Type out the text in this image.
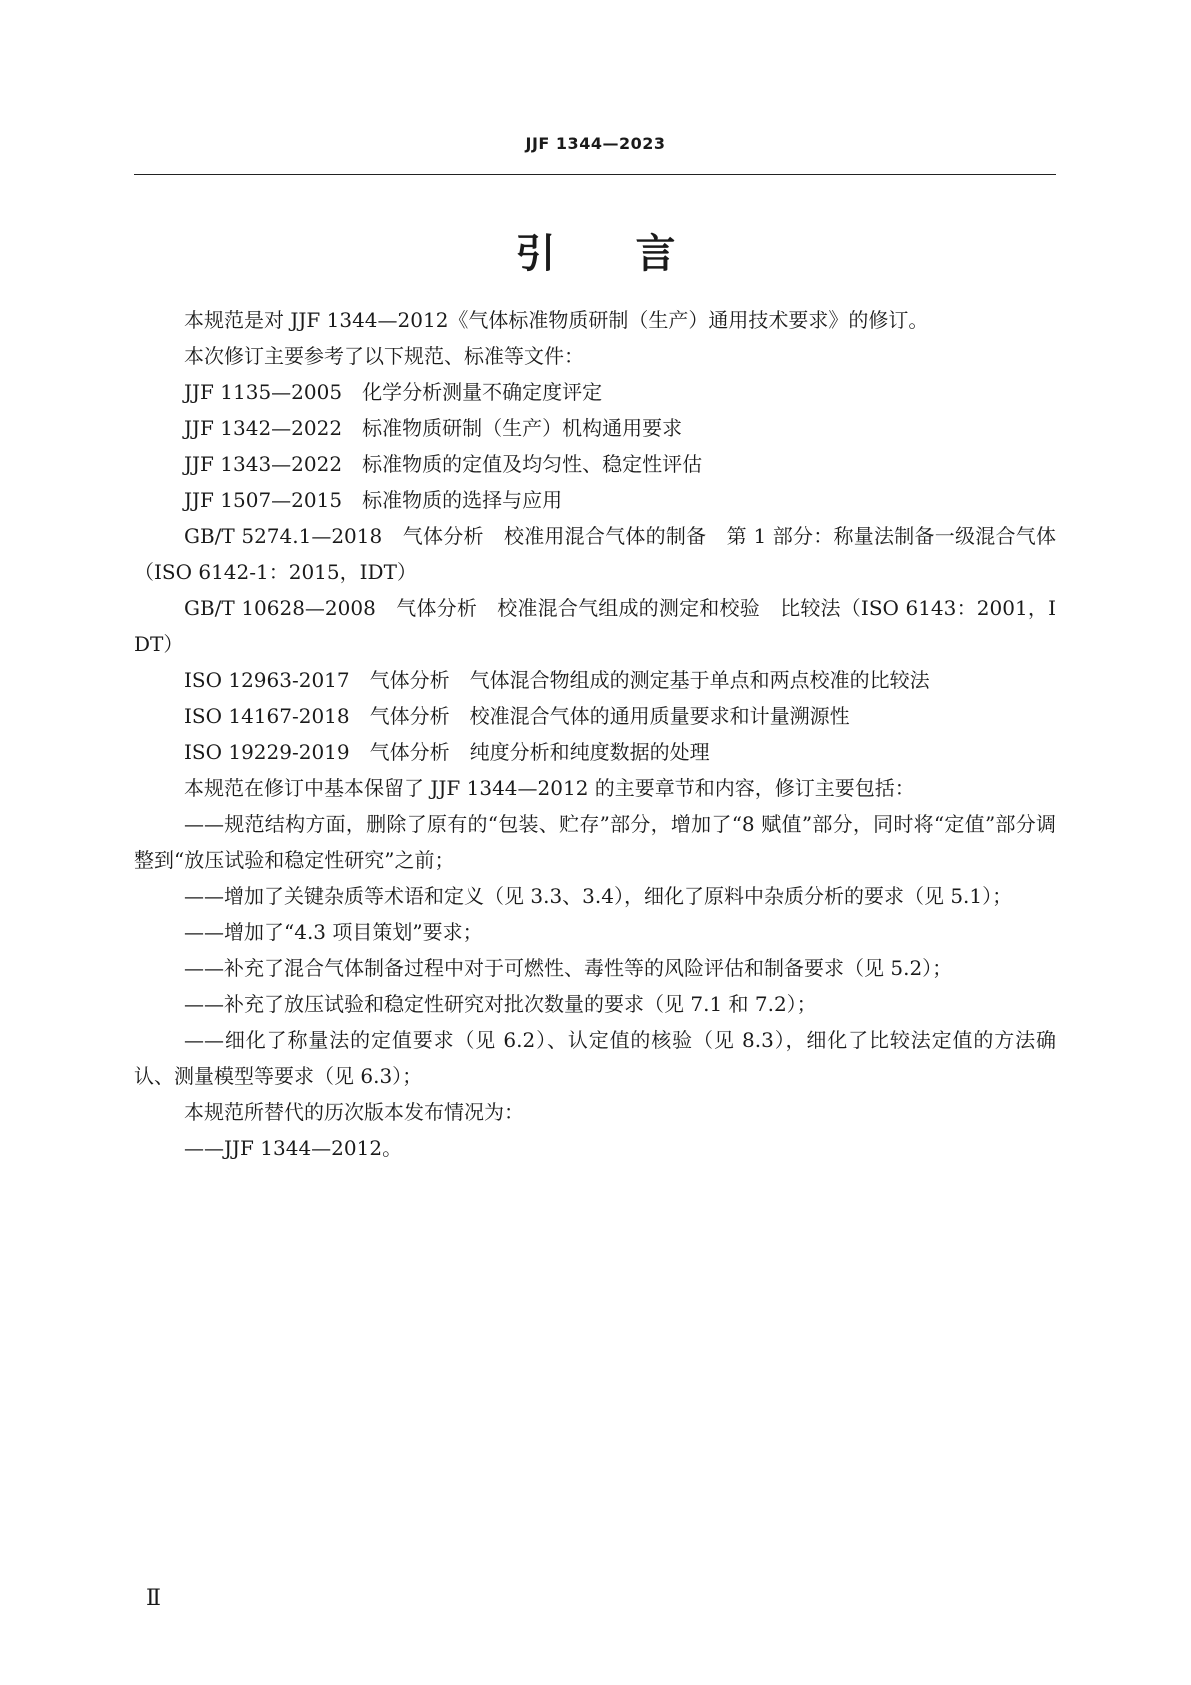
JJF 1344—2023
引言

本规范是对 JJF 1344—2012《气体标准物质研制（生产）通用技术要求》的修订。

本次修订主要参考了以下规范、标准等文件：

JJF 1135—2005
　 化学分析测量不确定度评定
JJF 1342—2022
　 标准物质研制（生产）机构通用要求
JJF 1343—2022
　 标准物质的定值及均匀性、稳定性评估
JJF 1507—2015
　 标准物质的选择与应用

GB/T 5274.1—2018　气体分析　校准用混合气体的制备　第 1 部分：称量法制备一级混合气体（ISO 6142-1：2015，IDT）

GB/T 10628—2008　气体分析　校准混合气组成的测定和校验　比较法（ISO 6143：2001，IDT）

ISO 12963-2017
　 气体分析　气体混合物组成的测定基于单点和两点校准的比较法
ISO 14167-2018
　 气体分析　校准混合气体的通用质量要求和计量溯源性
ISO 19229-2019
　 气体分析　纯度分析和纯度数据的处理

本规范在修订中基本保留了 JJF 1344—2012 的主要章节和内容，修订主要包括：

——规范结构方面，删除了原有的“包装、贮存”部分，增加了“8 赋值”部分，同时将“定值”部分调整到“放压试验和稳定性研究”之前；

——增加了关键杂质等术语和定义（见 3.3、3.4），细化了原料中杂质分析的要求（见 5.1）；

——增加了“4.3 项目策划”要求；

——补充了混合气体制备过程中对于可燃性、毒性等的风险评估和制备要求（见 5.2）；

——补充了放压试验和稳定性研究对批次数量的要求（见 7.1 和 7.2）；

——细化了称量法的定值要求（见 6.2）、认定值的核验（见 8.3），细化了比较法定值的方法确认、测量模型等要求（见 6.3）；

本规范所替代的历次版本发布情况为：

——JJF 1344—2012。

Ⅱ
